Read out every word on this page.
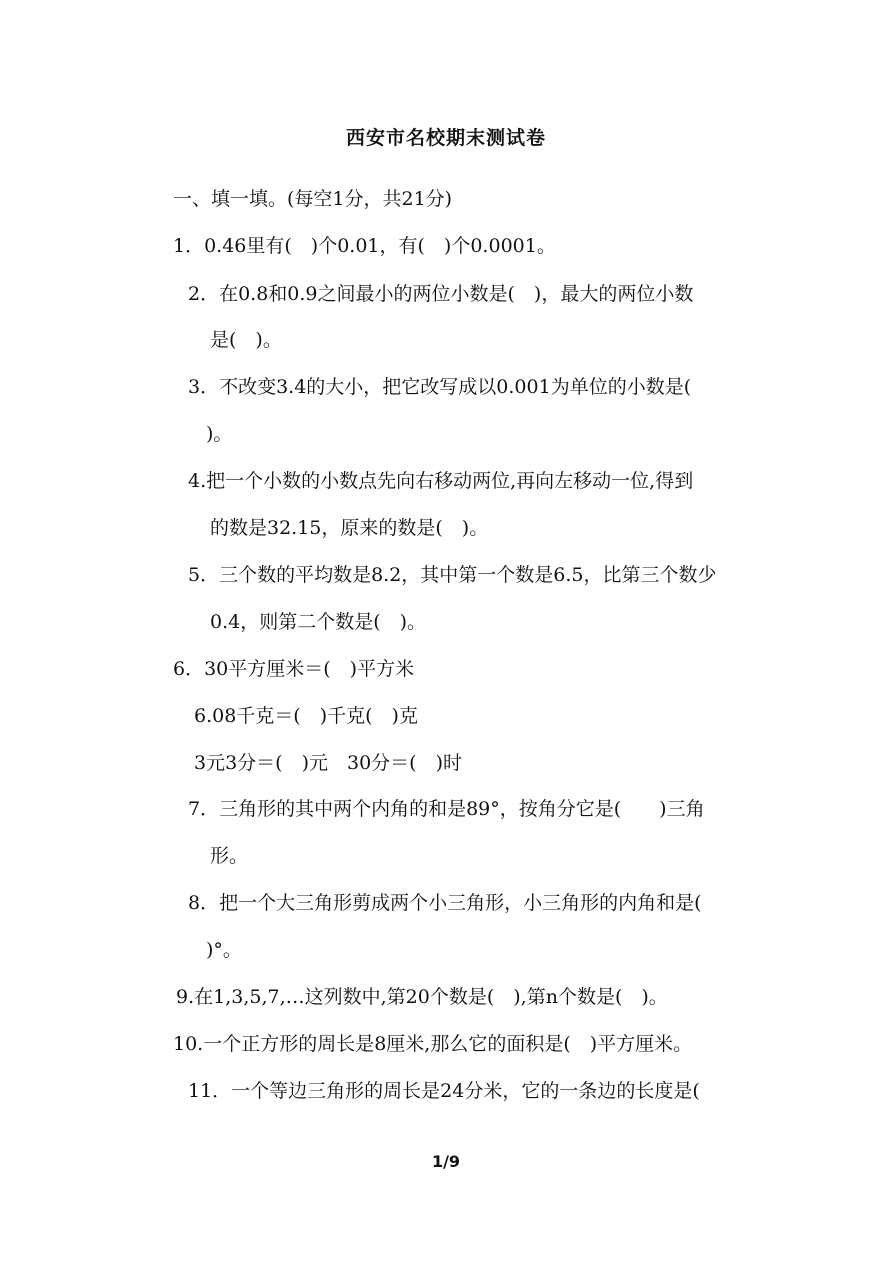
西安市名校期末测试卷
一、填一填。(每空1分，共21分)
1．0.46里有(　)个0.01，有(　)个0.0001。
2．在0.8和0.9之间最小的两位小数是(　)，最大的两位小数
是(　)。
3．不改变3.4的大小，把它改写成以0.001为单位的小数是(
)。
4.把一个小数的小数点先向右移动两位,再向左移动一位,得到
的数是32.15，原来的数是(　)。
5．三个数的平均数是8.2，其中第一个数是6.5，比第三个数少
0.4，则第二个数是(　)。
6．30平方厘米＝(　)平方米
6.08千克＝(　)千克(　)克
3元3分＝(　)元　30分＝(　)时
7．三角形的其中两个内角的和是89°，按角分它是(　　)三角
形。
8．把一个大三角形剪成两个小三角形，小三角形的内角和是(
)°。
9.在1,3,5,7,…这列数中,第20个数是(　),第n个数是(　)。
10.一个正方形的周长是8厘米,那么它的面积是(　)平方厘米。
11．一个等边三角形的周长是24分米，它的一条边的长度是(
1/9
